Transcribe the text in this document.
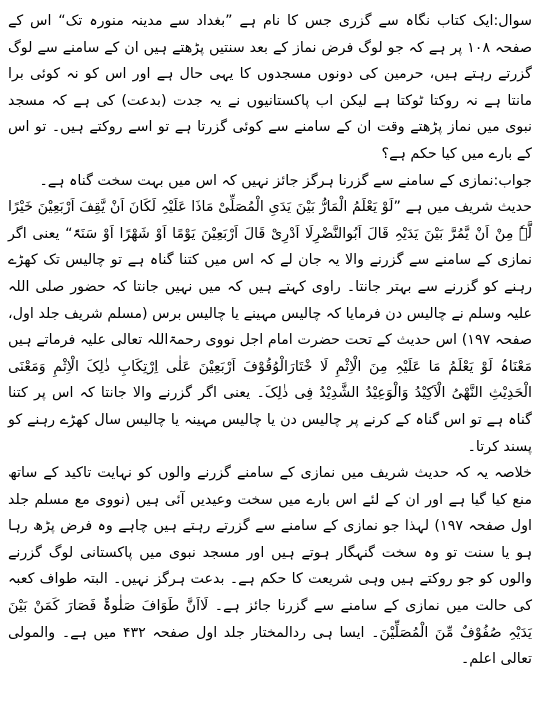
سوال:ایک کتاب نگاہ سے گزری جس کا نام ہے ”بغداد سے مدینہ منورہ تک“ اس کے صفحہ ۱۰۸ پر ہے کہ جو لوگ فرض نماز کے بعد سنتیں پڑھتے ہیں ان کے سامنے سے لوگ گزرتے رہتے ہیں، حرمین کی دونوں مسجدوں کا یہی حال ہے اور اس کو نہ کوئی برا مانتا ہے نہ روکتا ٹوکتا ہے لیکن اب پاکستانیوں نے یہ جدت (بدعت) کی ہے کہ مسجد نبوی میں نماز پڑھتے وقت ان کے سامنے سے کوئی گزرتا ہے تو اسے روکتے ہیں۔ تو اس کے بارے میں کیا حکم ہے؟

جواب:نمازی کے سامنے سے گزرنا ہرگز جائز نہیں کہ اس میں بہت سخت گناہ ہے۔

حدیث شریف میں ہے ”لَوْ یَعْلَمُ الْمَارُّ بَیْنَ یَدَیِ الْمُصَلِّیْ مَاذَا عَلَیْہِ لَکَانَ اَنْ یَّقِفَ اَرْبَعِیْنَ خَیْرًا لَّہٗ مِنْ اَنْ یَّمُرَّ بَیْنَ یَدَیْہِ قَالَ اَبُوالنَّضْرِلَا اَدْرِیْ قَالَ اَرْبَعِیْنَ یَوْمًا اَوْ شَھْرًا اَوْ سَنَۃً“ یعنی اگر نمازی کے سامنے سے گزرنے والا یہ جان لے کہ اس میں کتنا گناہ ہے تو چالیس تک کھڑے رہنے کو گزرنے سے بہتر جانتا۔ راوی کہتے ہیں کہ میں نہیں جانتا کہ حضور صلی اللہ علیہ وسلم نے چالیس دن فرمایا کہ چالیس مہینے یا چالیس برس (مسلم شریف جلد اول، صفحہ ۱۹۷) اس حدیث کے تحت حضرت امام اجل نووی رحمۃاللہ تعالی علیہ فرماتے ہیں مَعْنَاہُ لَوْ یَعْلَمُ مَا عَلَیْہِ مِنَ الْاِثْمِ لَا خْتَارَالْوُقُوْفَ اَرْبَعِیْنَ عَلٰی اِرْتِکَابِ ذٰلِکَ الْاِثْمِ وَمَعْنَی الْحَدِیْثِ النَّھْیُ الْاَکِیْدُ وَالْوَعِیْدُ الشَّدِیْدُ فِی ذٰلِکَ۔ یعنی اگر گزرنے والا جانتا کہ اس پر کتنا گناہ ہے تو اس گناہ کے کرنے پر چالیس دن یا چالیس مہینہ یا چالیس سال کھڑے رہنے کو پسند کرتا۔

خلاصہ یہ کہ حدیث شریف میں نمازی کے سامنے گزرنے والوں کو نہایت تاکید کے ساتھ منع کیا گیا ہے اور ان کے لئے اس بارے میں سخت وعیدیں آئی ہیں (نووی مع مسلم جلد اول صفحہ ۱۹۷) لہذا جو نمازی کے سامنے سے گزرتے رہتے ہیں چاہے وہ فرض پڑھ رہا ہو یا سنت تو وہ سخت گنہگار ہوتے ہیں اور مسجد نبوی میں پاکستانی لوگ گزرنے والوں کو جو روکتے ہیں وہی شریعت کا حکم ہے۔ بدعت ہرگز نہیں۔ البتہ طواف کعبہ کی حالت میں نمازی کے سامنے سے گزرنا جائز ہے۔ لَااَنَّ طَوَافَ صَلٰوۃٌ فَصَارَ کَمَنْ بَیْنَ یَدَیْہِ صُفُوْفٌ مِّنَ الْمُصَلِّیْنَ۔ ایسا ہی ردالمختار جلد اول صفحہ ۴۳۲ میں ہے۔ والمولی تعالی اعلم۔
